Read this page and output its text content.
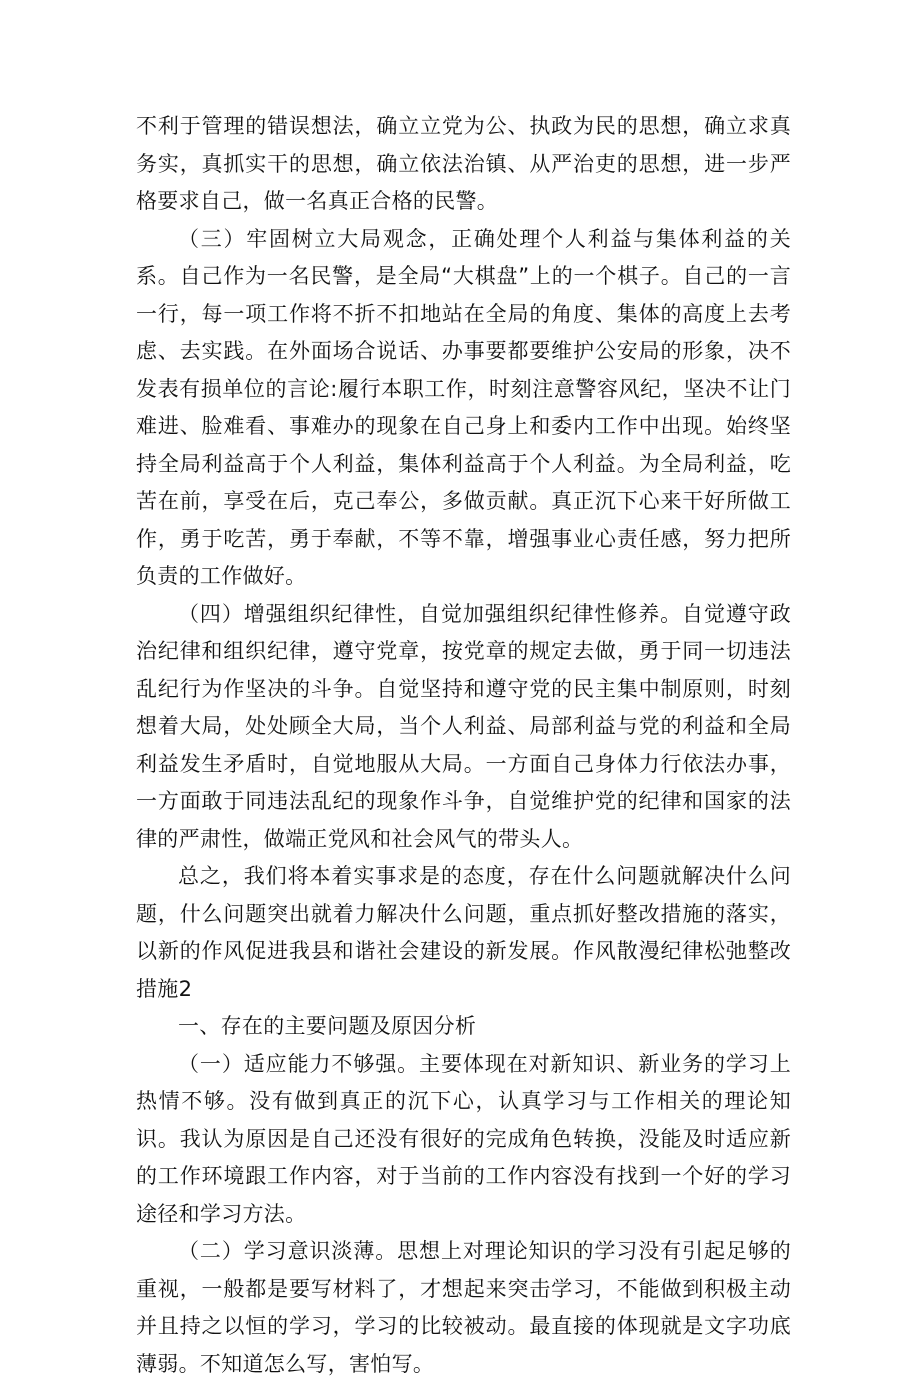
不利于管理的错误想法，确立立党为公、执政为民的思想，确立求真务实，真抓实干的思想，确立依法治镇、从严治吏的思想，进一步严格要求自己，做一名真正合格的民警。

（三）牢固树立大局观念，正确处理个人利益与集体利益的关系。自己作为一名民警，是全局“大棋盘”上的一个棋子。自己的一言一行，每一项工作将不折不扣地站在全局的角度、集体的高度上去考虑、去实践。在外面场合说话、办事要都要维护公安局的形象，决不发表有损单位的言论:履行本职工作，时刻注意警容风纪，坚决不让门难进、脸难看、事难办的现象在自己身上和委内工作中出现。始终坚持全局利益高于个人利益，集体利益高于个人利益。为全局利益，吃苦在前，享受在后，克己奉公，多做贡献。真正沉下心来干好所做工作，勇于吃苦，勇于奉献，不等不靠，增强事业心责任感，努力把所负责的工作做好。

（四）增强组织纪律性，自觉加强组织纪律性修养。自觉遵守政治纪律和组织纪律，遵守党章，按党章的规定去做，勇于同一切违法乱纪行为作坚决的斗争。自觉坚持和遵守党的民主集中制原则，时刻想着大局，处处顾全大局，当个人利益、局部利益与党的利益和全局利益发生矛盾时，自觉地服从大局。一方面自己身体力行依法办事，一方面敢于同违法乱纪的现象作斗争，自觉维护党的纪律和国家的法律的严肃性，做端正党风和社会风气的带头人。

总之，我们将本着实事求是的态度，存在什么问题就解决什么问题，什么问题突出就着力解决什么问题，重点抓好整改措施的落实，以新的作风促进我县和谐社会建设的新发展。作风散漫纪律松弛整改措施2

一、存在的主要问题及原因分析

（一）适应能力不够强。主要体现在对新知识、新业务的学习上热情不够。没有做到真正的沉下心，认真学习与工作相关的理论知识。我认为原因是自己还没有很好的完成角色转换，没能及时适应新的工作环境跟工作内容，对于当前的工作内容没有找到一个好的学习途径和学习方法。

（二）学习意识淡薄。思想上对理论知识的学习没有引起足够的重视，一般都是要写材料了，才想起来突击学习，不能做到积极主动并且持之以恒的学习，学习的比较被动。最直接的体现就是文字功底薄弱。不知道怎么写，害怕写。
